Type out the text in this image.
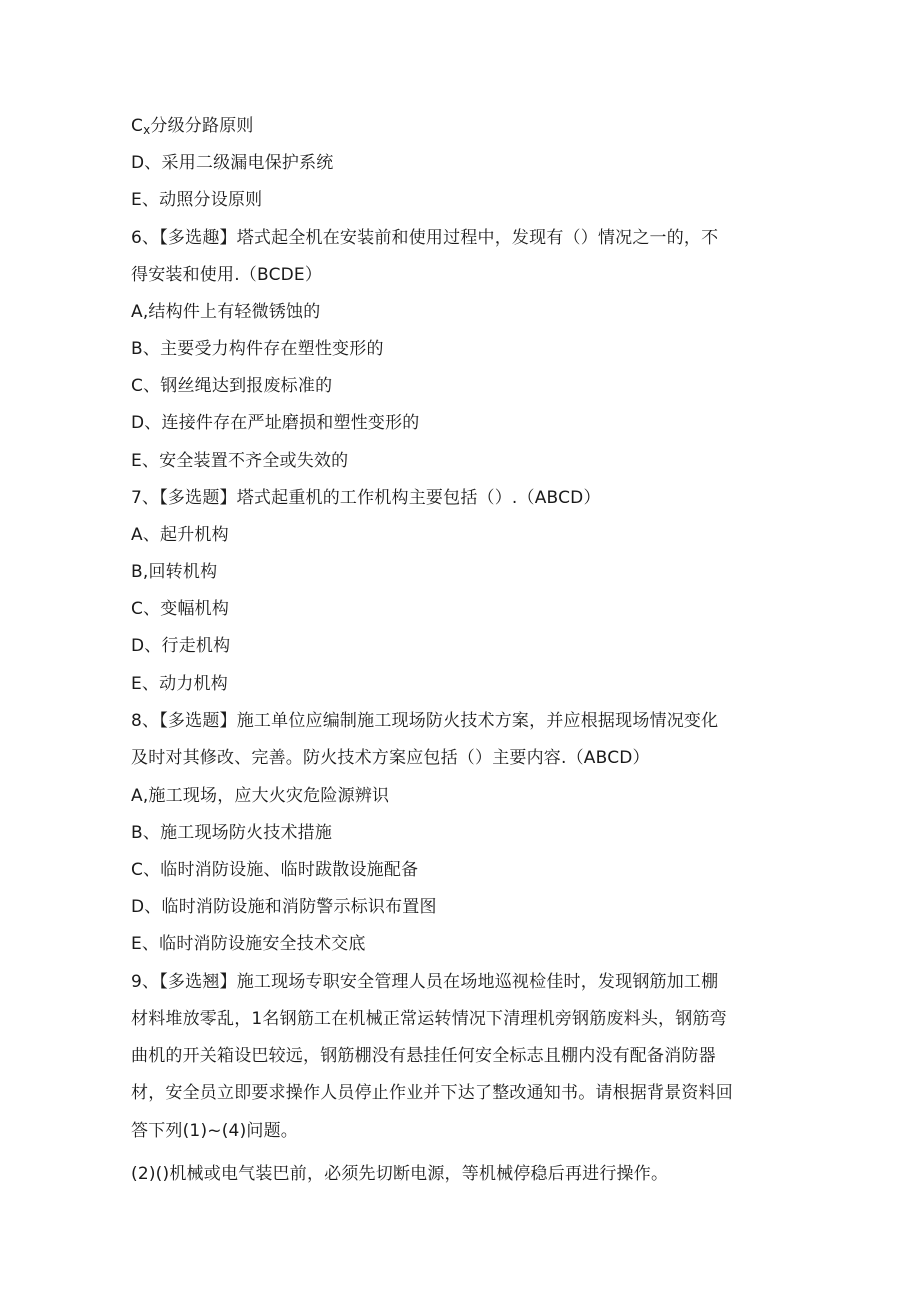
$C_x$分级分路原则
D、采用二级漏电保护系统
E、动照分设原则
6、【多选趣】塔式起全机在安装前和使用过程中，发现有（）情况之一的，不
得安装和使用.（BCDE）
A,结构件上有轻微锈蚀的
B、主要受力构件存在塑性变形的
C、钢丝绳达到报废标准的
D、连接件存在严址磨损和塑性变形的
E、安全装置不齐全或失效的
7、【多选题】塔式起重机的工作机构主要包括（）.（ABCD）
A、起升机构
B,回转机构
C、变幅机构
D、行走机构
E、动力机构
8、【多选题】施工单位应编制施工现场防火技术方案，并应根据现场情况变化
及时对其修改、完善。防火技术方案应包括（）主要内容.（ABCD）
A,施工现场，应大火灾危险源辨识
B、施工现场防火技术措施
C、临时消防设施、临时跋散设施配备
D、临时消防设施和消防警示标识布置图
E、临时消防设施安全技术交底
9、【多选翘】施工现场专职安全管理人员在场地巡视检佳时，发现钢筋加工棚
材料堆放零乱，1名钢筋工在机械正常运转情况下清理机旁钢筋废料头，钢筋弯
曲机的开关箱设巴较远，钢筋棚没有悬挂任何安全标志且棚内没有配备消防器
材，安全员立即要求操作人员停止作业并下达了整改通知书。请根据背景资料回
答下列(1)~(4)问题。
(2)()机械或电气装巴前，必须先切断电源，等机械停稳后再进行操作。
